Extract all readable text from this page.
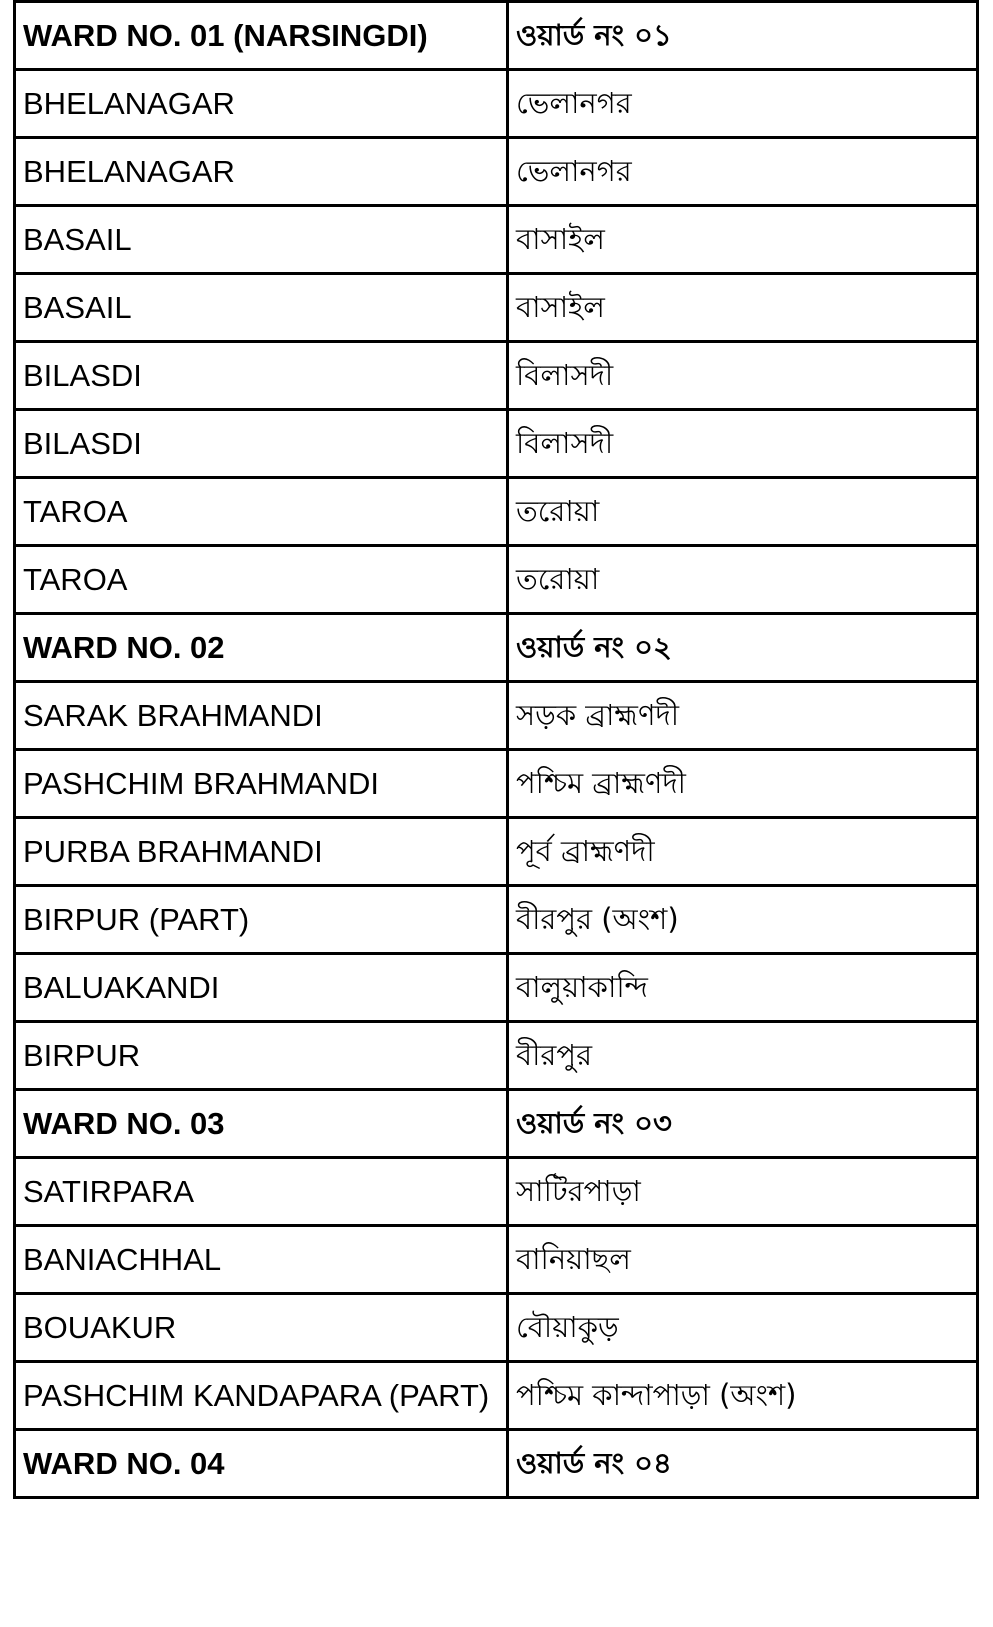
WARD NO. 01 (NARSINGDI)	ওয়ার্ড নং ০১
BHELANAGAR	ভেলানগর
BHELANAGAR	ভেলানগর
BASAIL	বাসাইল
BASAIL	বাসাইল
BILASDI	বিলাসদী
BILASDI	বিলাসদী
TAROA	তরোয়া
TAROA	তরোয়া
WARD NO. 02	ওয়ার্ড নং ০২
SARAK BRAHMANDI	সড়ক ব্রাহ্মণদী
PASHCHIM BRAHMANDI	পশ্চিম ব্রাহ্মণদী
PURBA BRAHMANDI	পূর্ব ব্রাহ্মণদী
BIRPUR (PART)	বীরপুর (অংশ)
BALUAKANDI	বালুয়াকান্দি
BIRPUR	বীরপুর
WARD NO. 03	ওয়ার্ড নং ০৩
SATIRPARA	সাটিরপাড়া
BANIACHHAL	বানিয়াছল
BOUAKUR	বৌয়াকুড়
PASHCHIM KANDAPARA (PART)	পশ্চিম কান্দাপাড়া (অংশ)
WARD NO. 04	ওয়ার্ড নং ০৪
